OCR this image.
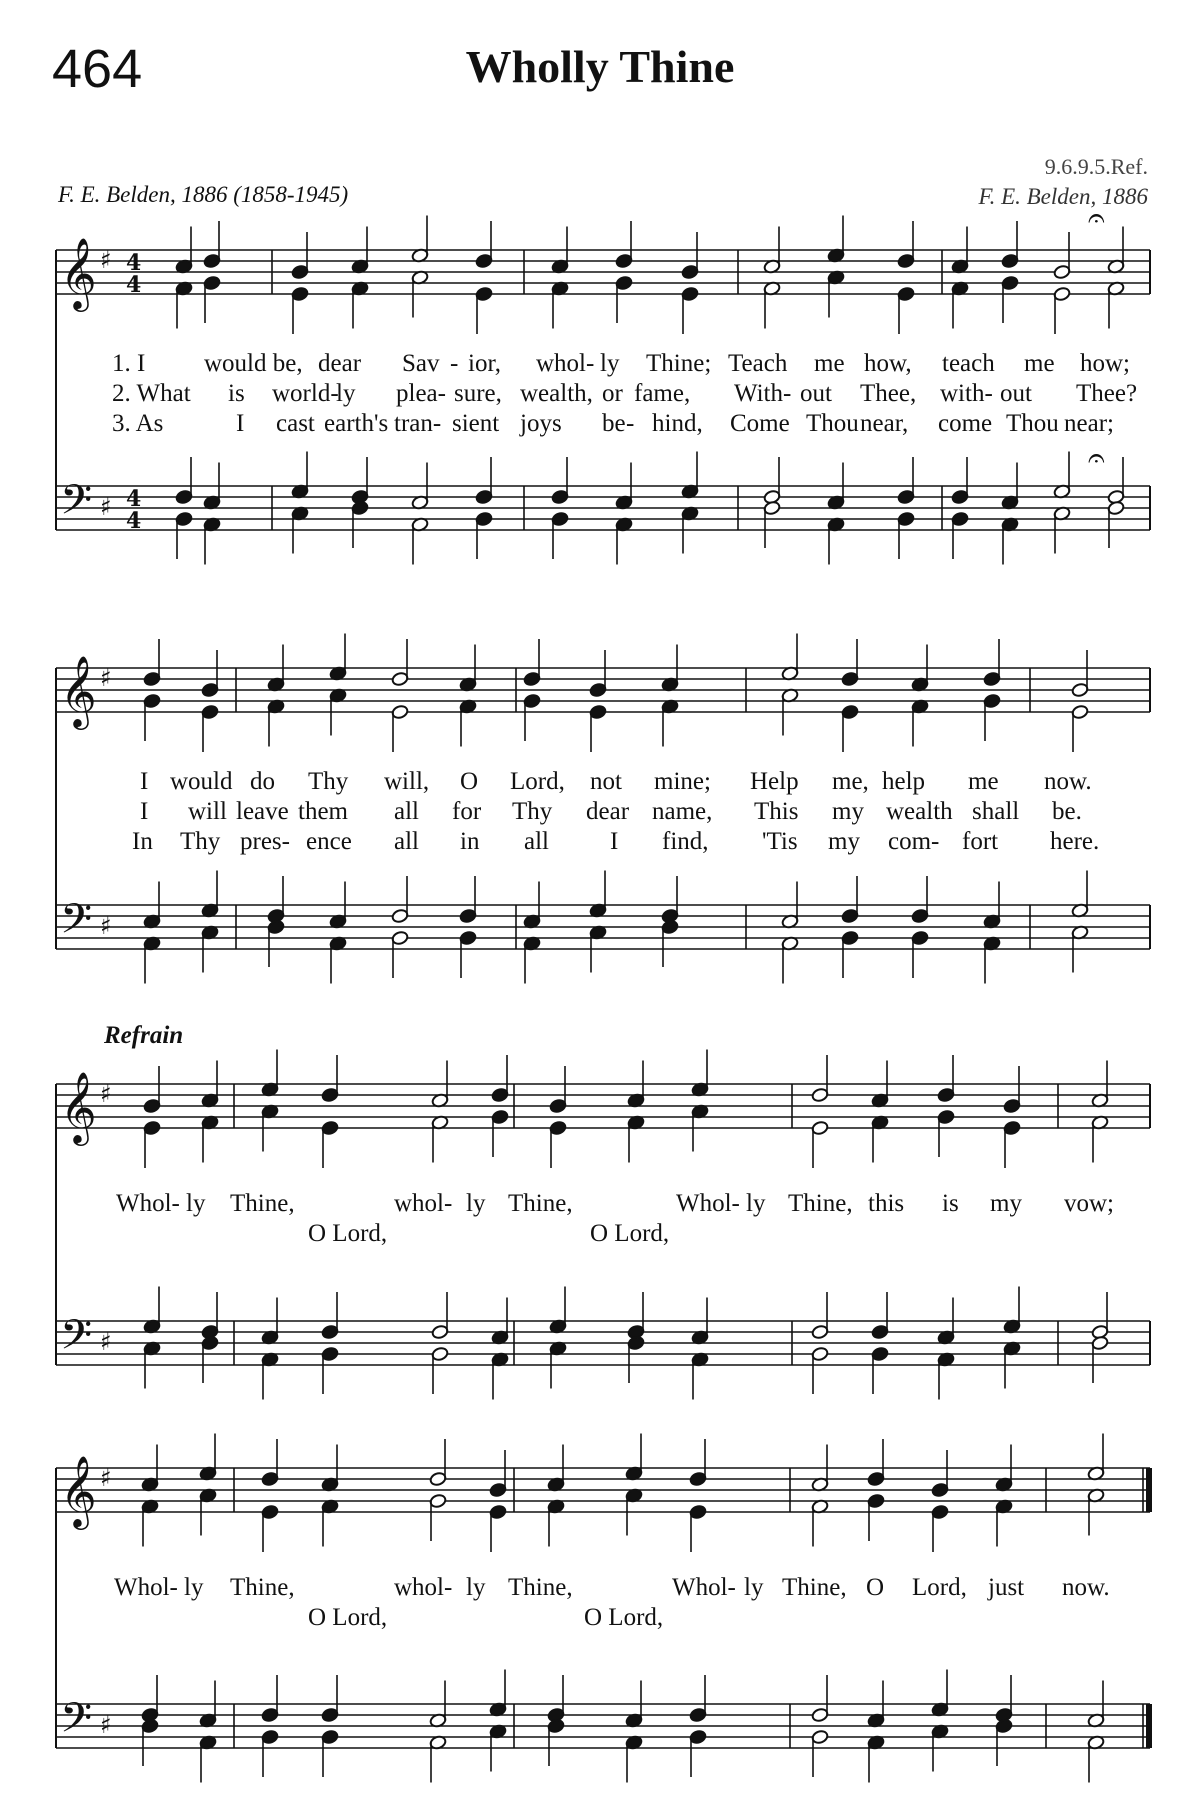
464	Wholly Thine
F. E. Belden, 1886 (1858-1945)
9.6.9.5.Ref.
F. E. Belden, 1886
Refrain
𝄞 ♯ 4
4
𝄢 ♯ 4
4
𝄞 ♯
𝄢 ♯
𝄞 ♯
𝄢 ♯
𝄞 ♯
𝄢 ♯
𝄐
𝄐
1. I would be, dear Sav - ior, whol- ly Thine; Teach me how, teach me how;
2. What is world-
ly plea- sure, wealth, or fame, With- out Thee, with- out Thee?
3. As	I cast earth's tran- sient joys be - hind, Come Thou near, come Thou near;
I would do Thy will, O Lord, not mine; Help me, help me now.
I will leave them all for Thy dear name, This my wealth shall be.
In Thy pres- ence all in all I find, 'Tis my com- fort here.
Whol- ly Thine,	whol- ly Thine,	Whol- ly Thine, this is my vow;
O Lord,	O Lord,
Whol- ly Thine,	whol- ly Thine,	Whol- ly Thine, O Lord, just now.
O Lord,	O Lord,
